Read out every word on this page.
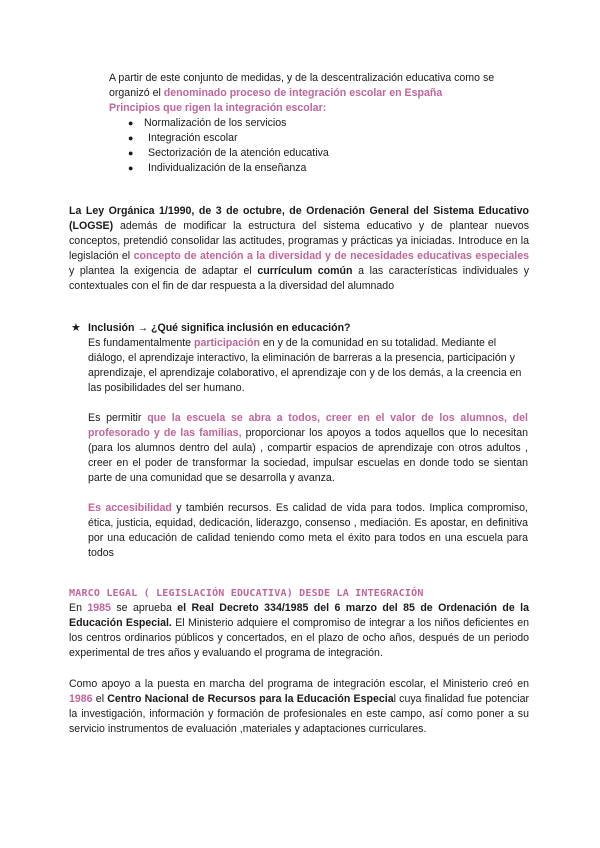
A partir de este conjunto de medidas, y de la descentralización educativa como se organizó el denominado proceso de integración escolar en España

Principios que rigen la integración escolar:

● Normalización de los servicios
● Integración escolar
● Sectorización de la atención educativa
● Individualización de la enseñanza

La Ley Orgánica 1/1990, de 3 de octubre, de Ordenación General del Sistema Educativo (LOGSE) además de modificar la estructura del sistema educativo y de plantear nuevos conceptos, pretendió consolidar las actitudes, programas y prácticas ya iniciadas. Introduce en la legislación el concepto de atención a la diversidad y de necesidades educativas especiales y plantea la exigencia de adaptar el currículum común a las características individuales y contextuales con el fin de dar respuesta a la diversidad del alumnado

★ Inclusión → ¿Qué significa inclusión en educación?

Es fundamentalmente participación en y de la comunidad en su totalidad. Mediante el diálogo, el aprendizaje interactivo, la eliminación de barreras a la presencia, participación y aprendizaje, el aprendizaje colaborativo, el aprendizaje con y de los demás, a la creencia en las posibilidades del ser humano.

Es permitir que la escuela se abra a todos, creer en el valor de los alumnos, del profesorado y de las familias, proporcionar los apoyos a todos aquellos que lo necesitan (para los alumnos dentro del aula) , compartir espacios de aprendizaje con otros adultos , creer en el poder de transformar la sociedad, impulsar escuelas en donde todo se sientan parte de una comunidad que se desarrolla y avanza.

Es accesibilidad y también recursos. Es calidad de vida para todos. Implica compromiso, ética, justicia, equidad, dedicación, liderazgo, consenso , mediación. Es apostar, en definitiva por una educación de calidad teniendo como meta el éxito para todos en una escuela para todos

MARCO LEGAL ( LEGISLACIÓN EDUCATIVA) DESDE LA INTEGRACIÓN

En 1985 se aprueba el Real Decreto 334/1985 del 6 marzo del 85 de Ordenación de la Educación Especial. El Ministerio adquiere el compromiso de integrar a los niños deficientes en los centros ordinarios públicos y concertados, en el plazo de ocho años, después de un periodo experimental de tres años y evaluando el programa de integración.

Como apoyo a la puesta en marcha del programa de integración escolar, el Ministerio creó en 1986 el Centro Nacional de Recursos para la Educación Especial cuya finalidad fue potenciar la investigación, información y formación de profesionales en este campo, así como poner a su servicio instrumentos de evaluación ,materiales y adaptaciones curriculares.
